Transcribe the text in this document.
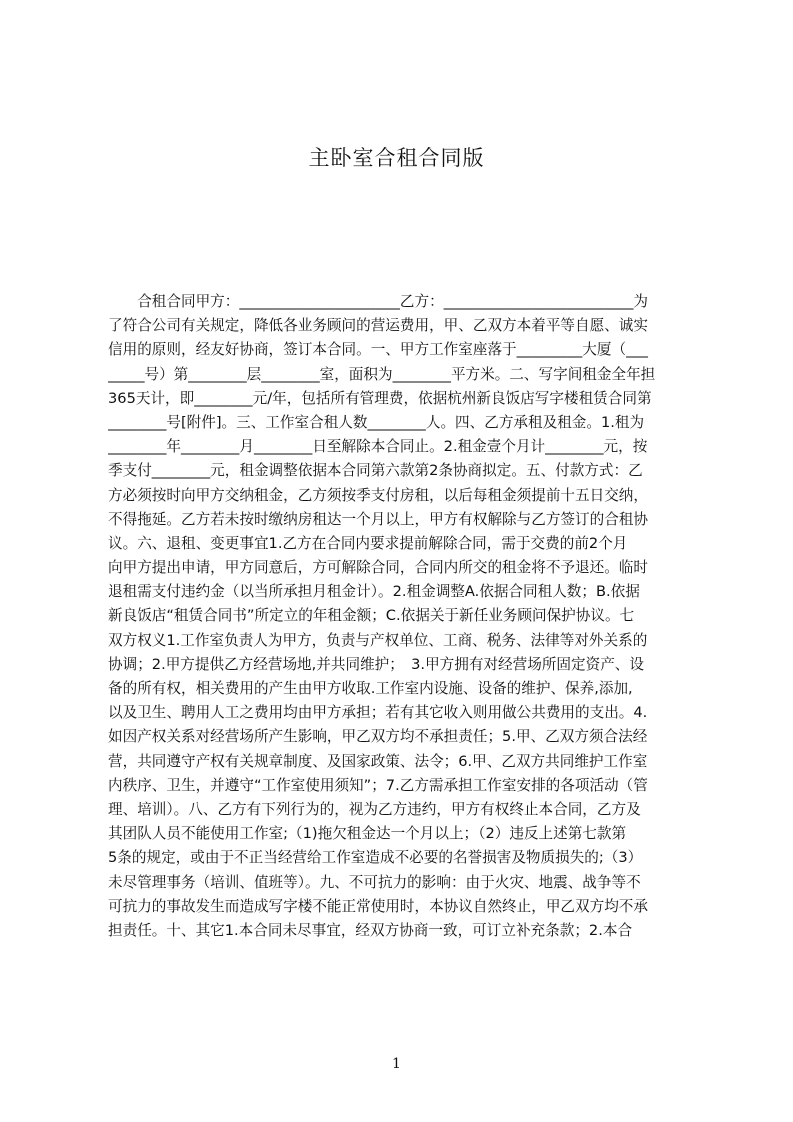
主卧室合租合同版
　　合租合同甲方：______________________乙方：__________________________为
了符合公司有关规定，降低各业务顾问的营运费用，甲、乙双方本着平等自愿、诚实
信用的原则，经友好协商，签订本合同。一、甲方工作室座落于_________大厦（___
_____号）第________层________室，面积为________平方米。二、写字间租金全年担
365天计，即________元/年，包括所有管理费，依据杭州新良饭店写字楼租赁合同第
________号[附件]。三、工作室合租人数________人。四、乙方承租及租金。1.租为
________年________月________日至解除本合同止。2.租金壹个月计________元，按
季支付________元，租金调整依据本合同第六款第2条协商拟定。五、付款方式：乙
方必须按时向甲方交纳租金，乙方须按季支付房租，以后每租金须提前十五日交纳，
不得拖延。乙方若未按时缴纳房租达一个月以上，甲方有权解除与乙方签订的合租协
议。六、退租、变更事宜1.乙方在合同内要求提前解除合同，需于交费的前2个月
向甲方提出申请，甲方同意后，方可解除合同，合同内所交的租金将不予退还。临时
退租需支付违约金（以当所承担月租金计）。2.租金调整A.依据合同租人数；B.依据
新良饭店“租赁合同书”所定立的年租金额；C.依据关于新任业务顾问保护协议。七
双方权义1.工作室负责人为甲方，负责与产权单位、工商、税务、法律等对外关系的
协调；2.甲方提供乙方经营场地,并共同维护；　3.甲方拥有对经营场所固定资产、设
备的所有权，相关费用的产生由甲方收取.工作室内设施、设备的维护、保养,添加,
以及卫生、聘用人工之费用均由甲方承担；若有其它收入则用做公共费用的支出。4.
如因产权关系对经营场所产生影响，甲乙双方均不承担责任；5.甲、乙双方须合法经
营，共同遵守产权有关规章制度、及国家政策、法令；6.甲、乙双方共同维护工作室
内秩序、卫生，并遵守“工作室使用须知”；7.乙方需承担工作室安排的各项活动（管
理、培训）。八、乙方有下列行为的，视为乙方违约，甲方有权终止本合同，乙方及
其团队人员不能使用工作室;（1)拖欠租金达一个月以上；（2）违反上述第七款第
5条的规定，或由于不正当经营给工作室造成不必要的名誉损害及物质损失的;（3）
未尽管理事务（培训、值班等）。九、不可抗力的影响：由于火灾、地震、战争等不
可抗力的事故发生而造成写字楼不能正常使用时，本协议自然终止，甲乙双方均不承
担责任。十、其它1.本合同未尽事宜，经双方协商一致，可订立补充条款；2.本合
1
